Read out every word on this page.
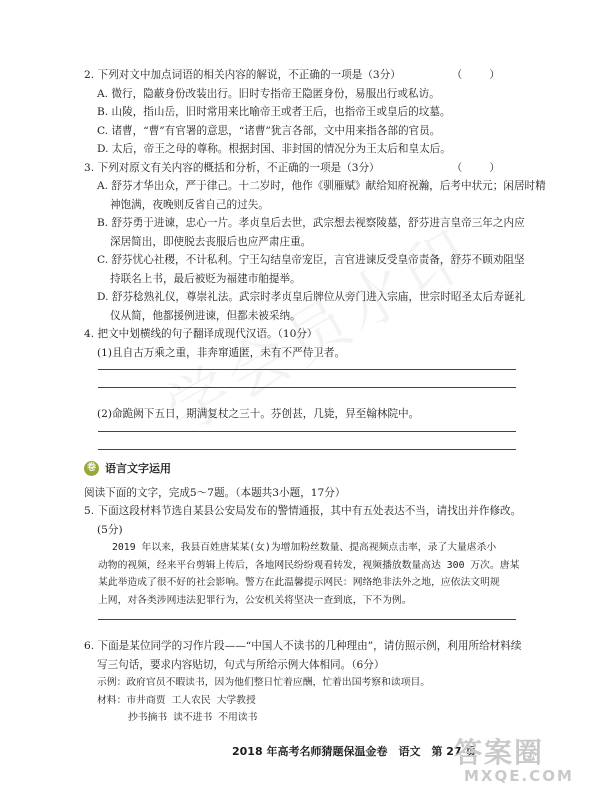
2. 下列对文中加点词语的相关内容的解说，不正确的一项是（3分）	（　　）
A. 微行，隐蔽身份改装出行。旧时专指帝王隐匿身份，易服出行或私访。
B. 山陵，指山岳，旧时常用来比喻帝王或者王后，也指帝王或皇后的坟墓。
C. 诸曹，“曹”有官署的意思，“诸曹”犹言各部，文中用来指各部的官员。
D. 太后，帝王之母的尊称。根据封国、非封国的情况分为王太后和皇太后。
3. 下列对原文有关内容的概括和分析，不正确的一项是（3分）	（　　）
A. 舒芬才华出众，严于律己。十二岁时，他作《驯雁赋》献给知府祝瀚，后考中状元；闲居时精
神饱满，夜晚则反省自己的过失。
B. 舒芬勇于进谏，忠心一片。孝贞皇后去世，武宗想去视察陵墓，舒芬进言皇帝三年之内应
深居简出，即使脱去丧服后也应严肃庄重。
C. 舒芬忧心社稷，不计私利。宁王勾结皇帝宠臣，言官进谏反受皇帝责备，舒芬不顾劝阻坚
持联名上书，最后被贬为福建市舶提举。
D. 舒芬稔熟礼仪，尊崇礼法。武宗时孝贞皇后牌位从旁门进入宗庙，世宗时昭圣太后寿诞礼
仪从简，他都援例进谏，但都未被采纳。
4. 把文中划横线的句子翻译成现代汉语。（10分）
(1)且自古万乘之重，非奔窜遁匿，未有不严侍卫者。
(2)命跪阙下五日，期满复杖之三十。芬创甚，几毙，舁至翰林院中。
卷 语言文字运用
阅读下面的文字，完成5～7题。（本题共3小题，17分）
5. 下面这段材料节选自某县公安局发布的警情通报，其中有五处表达不当，请找出并作修改。
(5分)
2019 年以来，我县百姓唐某某(女)为增加粉丝数量、提高视频点击率，录了大量虐杀小
动物的视频，经来平台剪辑上传后，各地网民纷纷观看转发，视频播放数量高达 300 万次。唐某
某此举造成了很不好的社会影响。警方在此温馨提示网民：网络绝非法外之地，应依法文明规
上网，对各类涉网违法犯罪行为，公安机关将坚决一查到底，下不为例。
6. 下面是某位同学的习作片段——“中国人不读书的几种理由”，请仿照示例，利用所给材料续
写三句话，要求内容贴切，句式与所给示例大体相同。（6分）
示例：政府官员不暇读书，因为他们整日忙着应酬，忙着出国考察和读项目。
材料：市井商贾  工人农民  大学教授
抄书摘书  读不进书  不用读书
2018 年高考名师猜题保温金卷　语文　第 27 页
答案圈
MXQE.COM
